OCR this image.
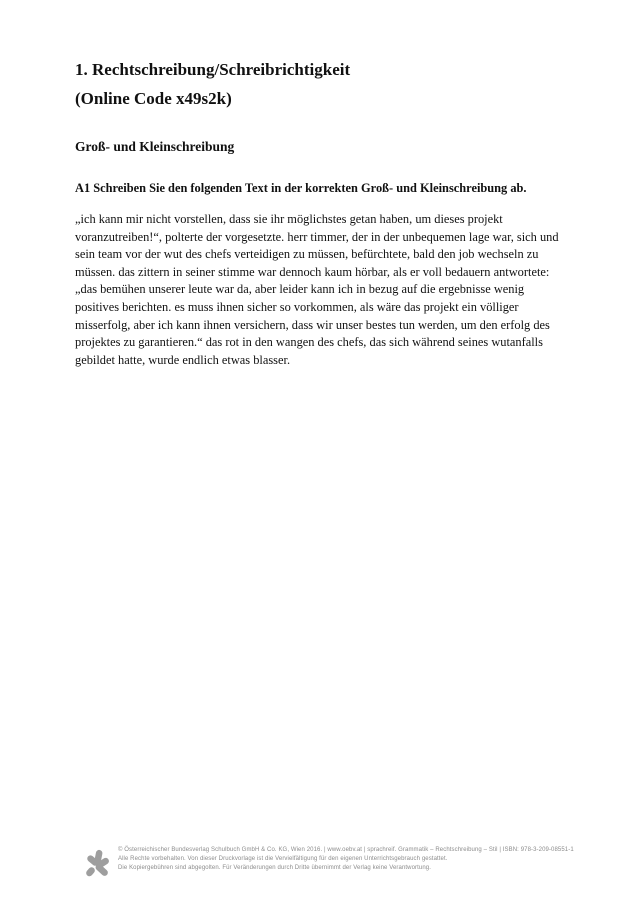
1. Rechtschreibung/Schreibrichtigkeit
(Online Code x49s2k)
Groß- und Kleinschreibung

A1 Schreiben Sie den folgenden Text in der korrekten Groß- und Kleinschreibung ab.

„ich kann mir nicht vorstellen, dass sie ihr möglichstes getan haben, um dieses projekt voranzutreiben!“, polterte der vorgesetzte. herr timmer, der in der unbequemen lage war, sich und sein team vor der wut des chefs verteidigen zu müssen, befürchtete, bald den job wechseln zu müssen. das zittern in seiner stimme war dennoch kaum hörbar, als er voll bedauern antwortete: „das bemühen unserer leute war da, aber leider kann ich in bezug auf die ergebnisse wenig positives berichten. es muss ihnen sicher so vorkommen, als wäre das projekt ein völliger misserfolg, aber ich kann ihnen versichern, dass wir unser bestes tun werden, um den erfolg des projektes zu garantieren.“ das rot in den wangen des chefs, das sich während seines wutanfalls gebildet hatte, wurde endlich etwas blasser.

© Österreichischer Bundesverlag Schulbuch GmbH & Co. KG, Wien 2016. | www.oebv.at | sprachreif. Grammatik – Rechtschreibung – Stil | ISBN: 978-3-209-08551-1
Alle Rechte vorbehalten. Von dieser Druckvorlage ist die Vervielfältigung für den eigenen Unterrichtsgebrauch gestattet.
Die Kopiergebühren sind abgegolten. Für Veränderungen durch Dritte übernimmt der Verlag keine Verantwortung.
